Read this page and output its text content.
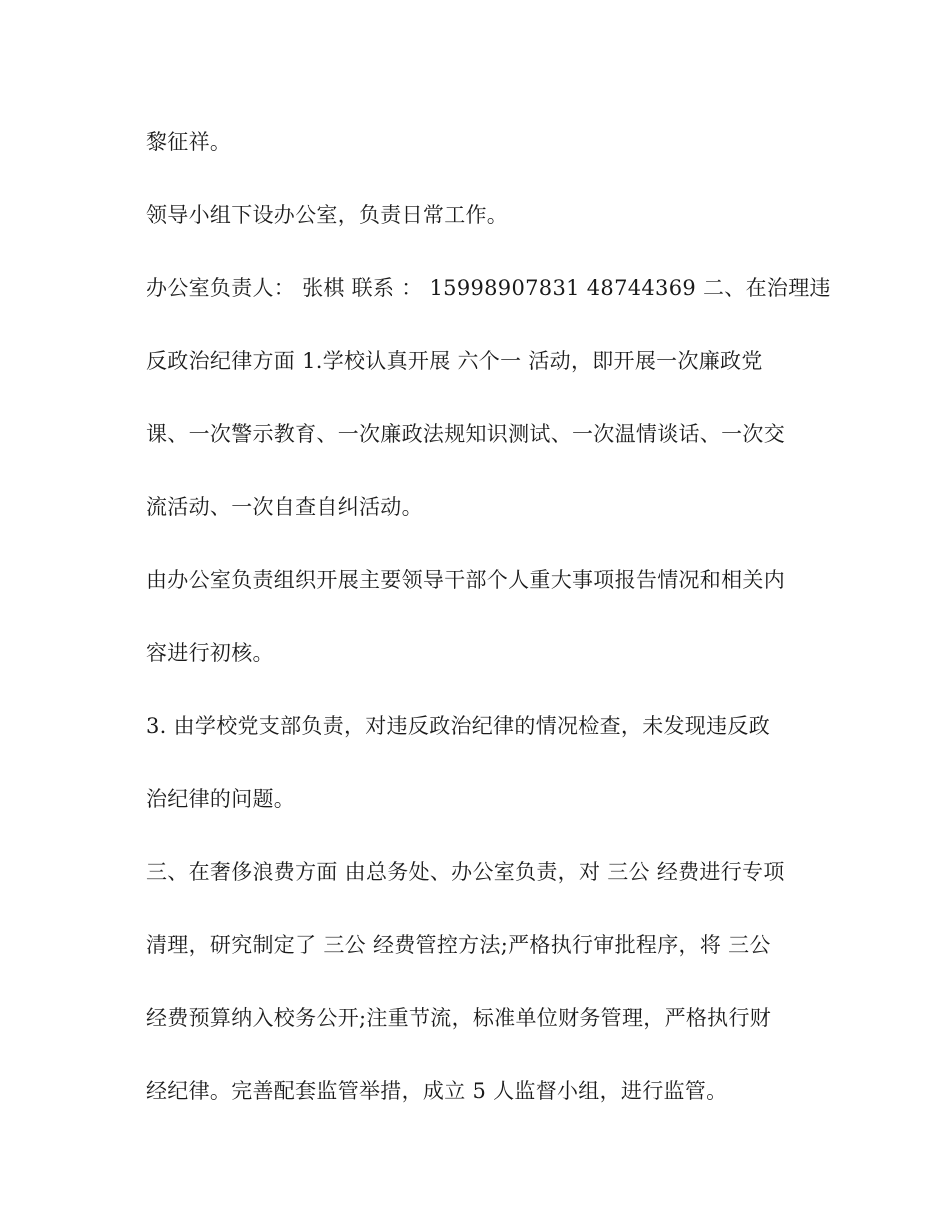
黎征祥。
领导小组下设办公室，负责日常工作。
办公室负责人： 张棋 联系 ： 15998907831 48744369 二、在治理违
反政治纪律方面 1.学校认真开展 六个一 活动，即开展一次廉政党
课、一次警示教育、一次廉政法规知识测试、一次温情谈话、一次交
流活动、一次自查自纠活动。
由办公室负责组织开展主要领导干部个人重大事项报告情况和相关内
容进行初核。
3. 由学校党支部负责，对违反政治纪律的情况检查，未发现违反政
治纪律的问题。
三、在奢侈浪费方面 由总务处、办公室负责，对 三公 经费进行专项
清理，研究制定了 三公 经费管控方法;严格执行审批程序，将 三公
经费预算纳入校务公开;注重节流，标准单位财务管理，严格执行财
经纪律。完善配套监管举措，成立 5 人监督小组，进行监管。
